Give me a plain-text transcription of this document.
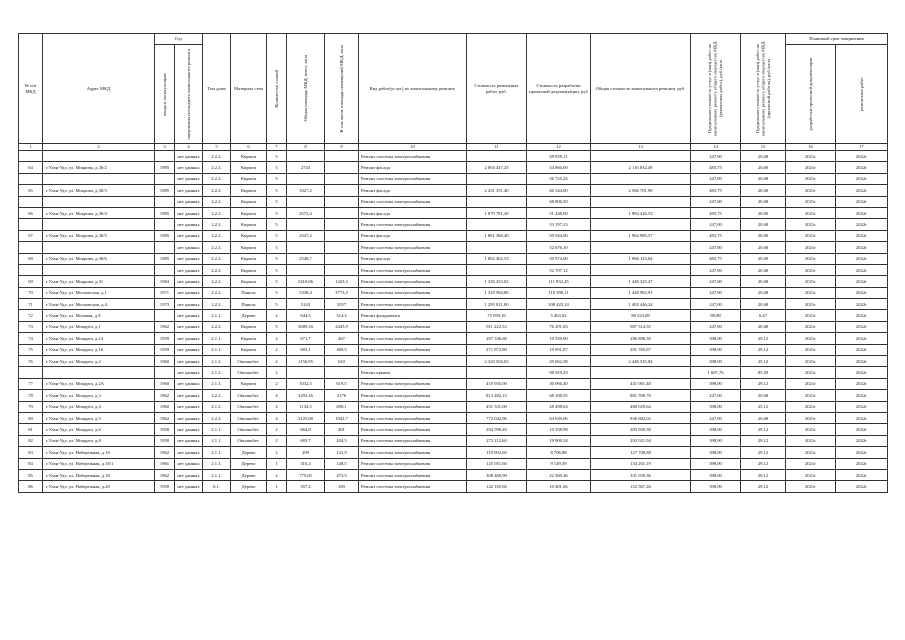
№ п/п МКД	Адрес МКД	Год		Тип дома	Материал стен	Количество этажей	Общая площадь МКД, всего, кв.м	В том числе площадь помещений МКД, кв.м	Вид работ(услуг) по капитальному ремонту	Стоимость ремонтных работ, руб.	Стоимость разработки проектной документации, руб	Общая стоимость капитального ремонта, руб.	Предельная стоимость услуг и (или) работ по капитальному ремонту общего имущества МКД (ремонтных работ), руб./кв.м	Предельная стоимость услуг и (или) работ по капитальному ремонту общего имущества МКД (проектной работы), руб./кв.м	Плановый срок завершения	

		ввода в эксплуатацию	завершения последнего капитального ремонта												разработки проектной документации	ремонтных работ

1	2	3	4	5	6	7	8	9	10	11	12	13	14	15	16	17
			нет данных	2.2.2.	Кирпич	5			Ремонт системы электроснабжения		49 859,11		247,00	20,68	2021г	2022г
64	г.Улан-Удэ, ул. Мокрова, д.30/2	1985	нет данных	2.2.2.	Кирпич	5	2743		Ремонт фасада	2 004 447,25	54 860,00	2 116 032,49	483,75	20,00	2021г	2022г
			нет данных	2.2.2.	Кирпич	5			Ремонт системы электроснабжения		56 725,24		247,00	20,68	2021г	2022г
65	г.Улан-Удэ, ул. Мокрова, д.30/3	1985	нет данных	2.2.2.	Кирпич	5	3327,2		Ремонт фасада	2 431 351,40	66 544,00	2 566 701,90	483,75	20,00	2021г	2022г
			нет данных	2.2.2.	Кирпич	5			Ремонт системы электроснабжения		68 806,50		247,00	20,68	2021г	2022г
66	г.Улан-Удэ, ул. Мокрова, д.30/4	1985	нет данных	2.2.2.	Кирпич	5	2572,4		Ремонт фасада	1 879 781,30	51 448,00	1 984 426,53	483,75	20,00	2021г	2022г
			нет данных	2.2.2.	Кирпич	5			Ремонт системы электроснабжения		53 197,23		247,00	20,68	2021г	2022г
67	г.Улан-Удэ, ул. Мокрова, д.30/5	1985	нет данных	2.2.2.	Кирпич	5	2547,2		Ремонт фасада	1 861 366,40	50 944,00	1 964 985,57	483,75	20,00	2021г	2022г
			нет данных	2.2.2.	Кирпич	5			Ремонт системы электроснабжения		52 676,10		247,00	20,68	2021г	2022г
68	г.Улан-Удэ, ул. Мокрова, д.30/6	1985	нет данных	2.2.2.	Кирпич	5	2548,7		Ремонт фасада	1 862 462,53	50 974,00	1 966 143,64	483,75	20,00	2021г	2022г
			нет данных	2.2.2.	Кирпич	5			Ремонт системы электроснабжения		52 707,12		247,00	20,68	2021г	2022г
69	г.Улан-Удэ, ул. Мокрова, д.31	1984	нет данных	2.2.2.	Кирпич	5	5410,06	1423,3	Ремонт системы электроснабжения	1 336 433,02	111 832,45	1 448 325,47	247,00	20,68	2021г	2022г
70	г.Улан-Удэ, ул. Московская, д.1	1971	нет данных	2.2.2.	Панель	5	5338,4	3773,3	Ремонт системы электроснабжения	1 318 584,80	110 398,11	1 428 982,91	247,00	20,68	2021г	2022г
71	г.Улан-Удэ, ул. Московская, д.4	1973	нет данных	2.2.2.	Панель	5	5243	3557	Ремонт системы электроснабжения	1 295 021,00	108 425,24	1 403 446,24	247,00	20,68	2021г	2022г
72	г.Улан-Удэ, ул. Моховая, д.9		нет данных	2.1.1.	Дерево	2	644,5	514,2	Ремонт фундамента	75 059,16	5 463,92	80 523,08	88,88	6,47	2021г	2022г
73	г.Улан-Удэ, ул. Моцарта, д.1	1962	нет данных	2.2.2.	Кирпич	5	3689,16	2445,9	Ремонт системы электроснабжения	911 222,52	76 291,83	987 514,35	247,00	20,68	2021г	2022г
74	г.Улан-Удэ, ул. Моцарта, д.14	1959	нет данных	2.1.1.	Кирпич	2	671,7	467	Ремонт системы электроснабжения	267 336,60	19 559,90	286 896,50	398,00	29,12	2021г	2022г
75	г.Улан-Удэ, ул. Моцарта, д.16	1959	нет данных	2.1.1.	Кирпич	2	683,1	469,5	Ремонт системы электроснабжения	271 873,80	19 891,87	291 765,67	398,00	29,12	2021г	2022г
76	г.Улан-Удэ, ул. Моцарта, д.2	1960	нет данных	2.1.2.	Опилкобет.	2	1156,95	610	Ремонт системы электроснабжения	2 320 504,03	29 062,58	2 448 545,84	398,00	25,12	2021г	2022г
			нет данных	2.1.2.	Опилкобет.	2			Ремонт крыши		98 919,23		1 607,76	85,50	2021г	2022г
77	г.Улан-Удэ, ул. Моцарта, д.2А	1960	нет данных	2.1.1.	Кирпич	2	1032,5	619,5	Ремонт системы электроснабжения	410 935,00	30 066,40	441 001,40	398,00	29,12	2021г	2022г
78	г.Улан-Удэ, ул. Моцарта, д.3	1962	нет данных	2.2.2.	Опилкобет.	4	3293,45	2176	Ремонт системы электроснабжения	813 482,15	68 108,55	881 590,70	247,00	20,68	2021г	2022г
79	г.Улан-Удэ, ул. Моцарта, д.4	1960	нет данных	2.1.2.	Опилкобет.	2	1134,5	690,1	Ремонт системы электроснабжения	451 531,00	28 498,64	480 029,64	398,00	25,12	2021г	2022г
80	г.Улан-Удэ, ул. Моцарта, д.5	1962	нет данных	2.2.2.	Опилкобет.	4	3125,68	1942,7	Ремонт системы электроснабжения	772 042,96	64 639,06	836 682,02	247,00	20,68	2021г	2022г
81	г.Улан-Удэ, ул. Моцарта, д.6	1958	нет данных	2.1.1.	Опилкобет.	2	664,8	401	Ремонт системы электроснабжения	264 590,40	19 358,98	283 949,38	398,00	29,12	2021г	2022г
82	г.Улан-Удэ, ул. Моцарта, д.8	1958	нет данных	2.1.1.	Опилкобет.	2	683,7	434,5	Ремонт системы электроснабжения	272 112,60	19 909,34	292 021,94	398,00	29,12	2021г	2022г
83	г.Улан-Удэ, ул. Набережная, д.16	1962	нет данных	2.1.1.	Дерево	2	299	141,9	Ремонт системы электроснабжения	119 002,00	8 706,88	127 708,88	398,00	29,12	2021г	2022г
84	г.Улан-Удэ, ул. Набережная, д.16/1	1961	нет данных	2.1.1.	Дерево	1	316,2	148,5	Ремонт системы электроснабжения	125 051,60	9 149,59	134 201,19	398,00	29,12	2021г	2022г
85	г.Улан-Удэ, ул. Набережная, д.18	1962	нет данных	2.1.1.	Дерево	2	775,05	473,5	Ремонт системы электроснабжения	308 469,90	22 569,46	331 039,36	398,00	29,12	2021г	2022г
86	г.Улан-Удэ, ул. Набережная, д.20	1958	нет данных	6.1.	Дерево	1	357,2	169	Ремонт системы электроснабжения	142 165,60	10 401,66	152 567,26	398,00	29,12	2021г	2022г
